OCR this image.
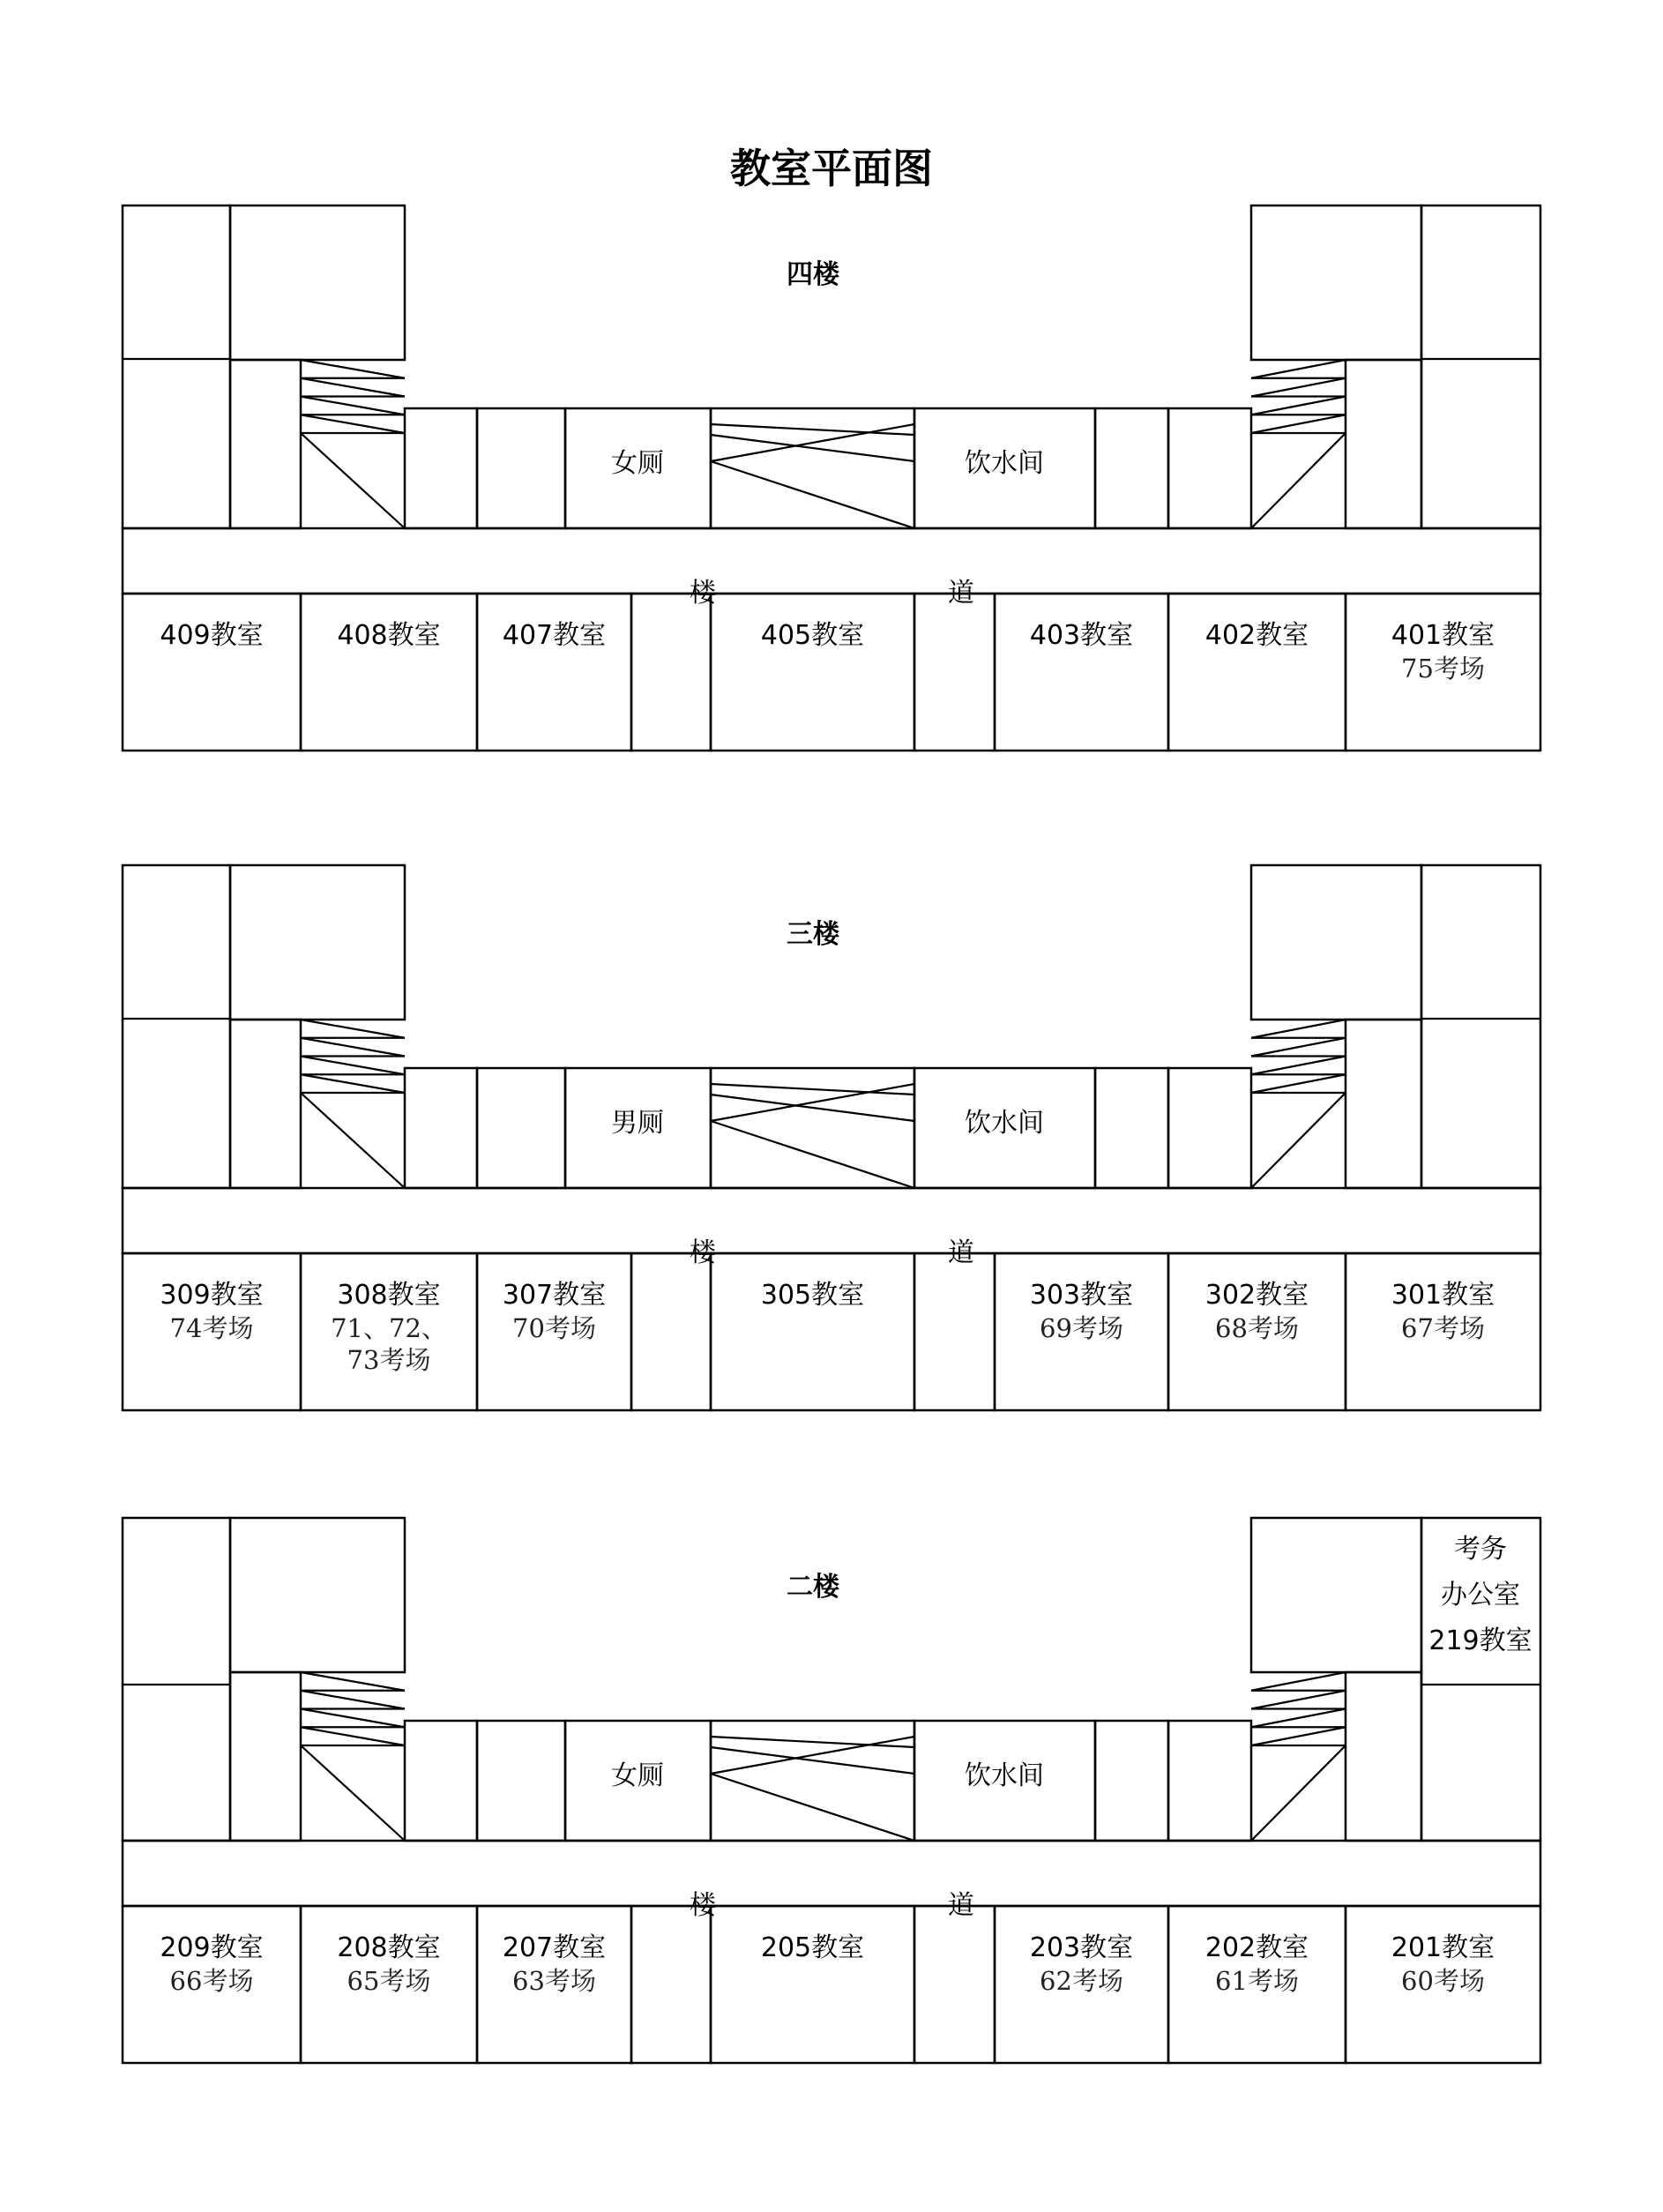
教室平面图
四楼
女厕	饮水间
楼	道
409教室	408教室 407教室	405教室	403教室	402教室	401教室
75考场
三楼
男厕	饮水间
楼	道
309教室
74考场
308教室
71、72、
73考场
307教室
70考场
305教室	303教室
69考场
302教室
68考场
301教室
67考场
二楼
女厕	饮水间
楼	道
209教室
66考场
208教室
65考场
207教室
63考场
205教室	203教室
62考场
202教室
61考场
201教室
60考场
考务
办公室
219教室
